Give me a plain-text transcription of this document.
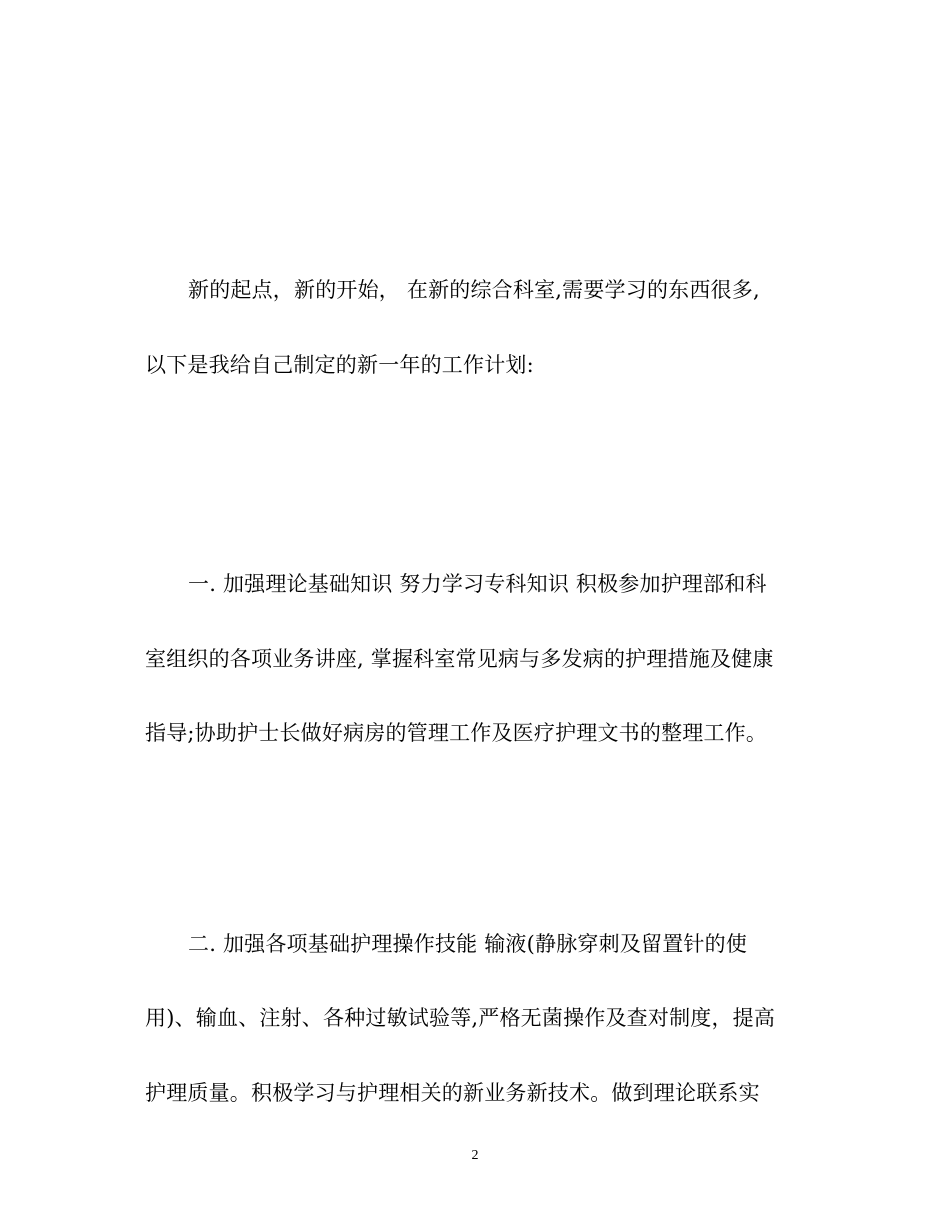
新的起点，新的开始， 在新的综合科室,需要学习的东西很多,
以下是我给自己制定的新一年的工作计划:
一. 加强理论基础知识 努力学习专科知识 积极参加护理部和科
室组织的各项业务讲座, 掌握科室常见病与多发病的护理措施及健康
指导;协助护士长做好病房的管理工作及医疗护理文书的整理工作。
二. 加强各项基础护理操作技能 输液(静脉穿刺及留置针的使
用)、输血、注射、各种过敏试验等,严格无菌操作及查对制度，提高
护理质量。积极学习与护理相关的新业务新技术。做到理论联系实
2
